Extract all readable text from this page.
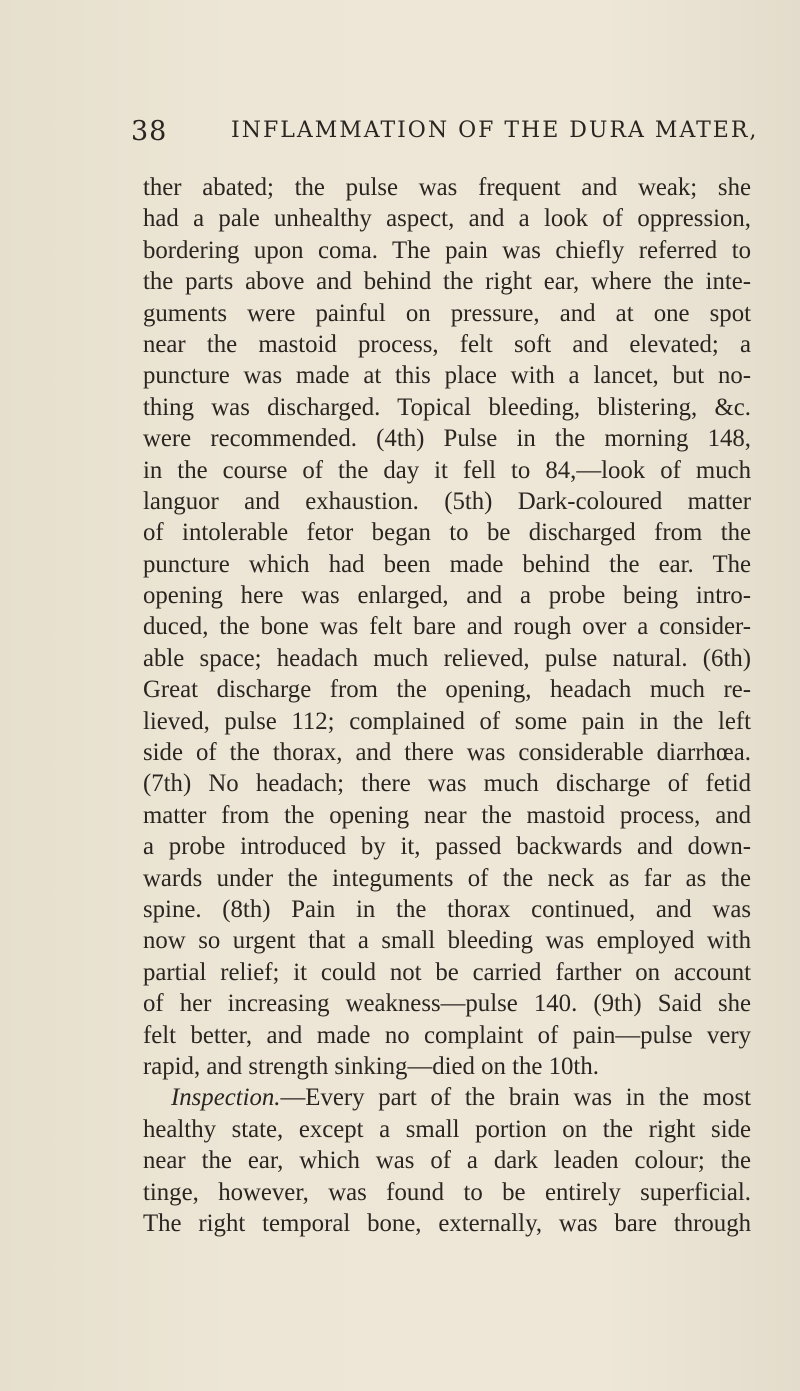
38	INFLAMMATION OF THE DURA MATER,
ther abated; the pulse was frequent and weak; she
had a pale unhealthy aspect, and a look of oppression,
bordering upon coma. The pain was chiefly referred to
the parts above and behind the right ear, where the inte-
guments were painful on pressure, and at one spot
near the mastoid process, felt soft and elevated; a
puncture was made at this place with a lancet, but no-
thing was discharged. Topical bleeding, blistering, &c.
were recommended. (4th) Pulse in the morning 148,
in the course of the day it fell to 84,—look of much
languor and exhaustion. (5th) Dark-coloured matter
of intolerable fetor began to be discharged from the
puncture which had been made behind the ear. The
opening here was enlarged, and a probe being intro-
duced, the bone was felt bare and rough over a consider-
able space; headach much relieved, pulse natural. (6th)
Great discharge from the opening, headach much re-
lieved, pulse 112; complained of some pain in the left
side of the thorax, and there was considerable diarrhœa.
(7th) No headach; there was much discharge of fetid
matter from the opening near the mastoid process, and
a probe introduced by it, passed backwards and down-
wards under the integuments of the neck as far as the
spine. (8th) Pain in the thorax continued, and was
now so urgent that a small bleeding was employed with
partial relief; it could not be carried farther on account
of her increasing weakness—pulse 140. (9th) Said she
felt better, and made no complaint of pain—pulse very
rapid, and strength sinking—died on the 10th.
Inspection.—Every part of the brain was in the most
healthy state, except a small portion on the right side
near the ear, which was of a dark leaden colour; the
tinge, however, was found to be entirely superficial.
The right temporal bone, externally, was bare through
